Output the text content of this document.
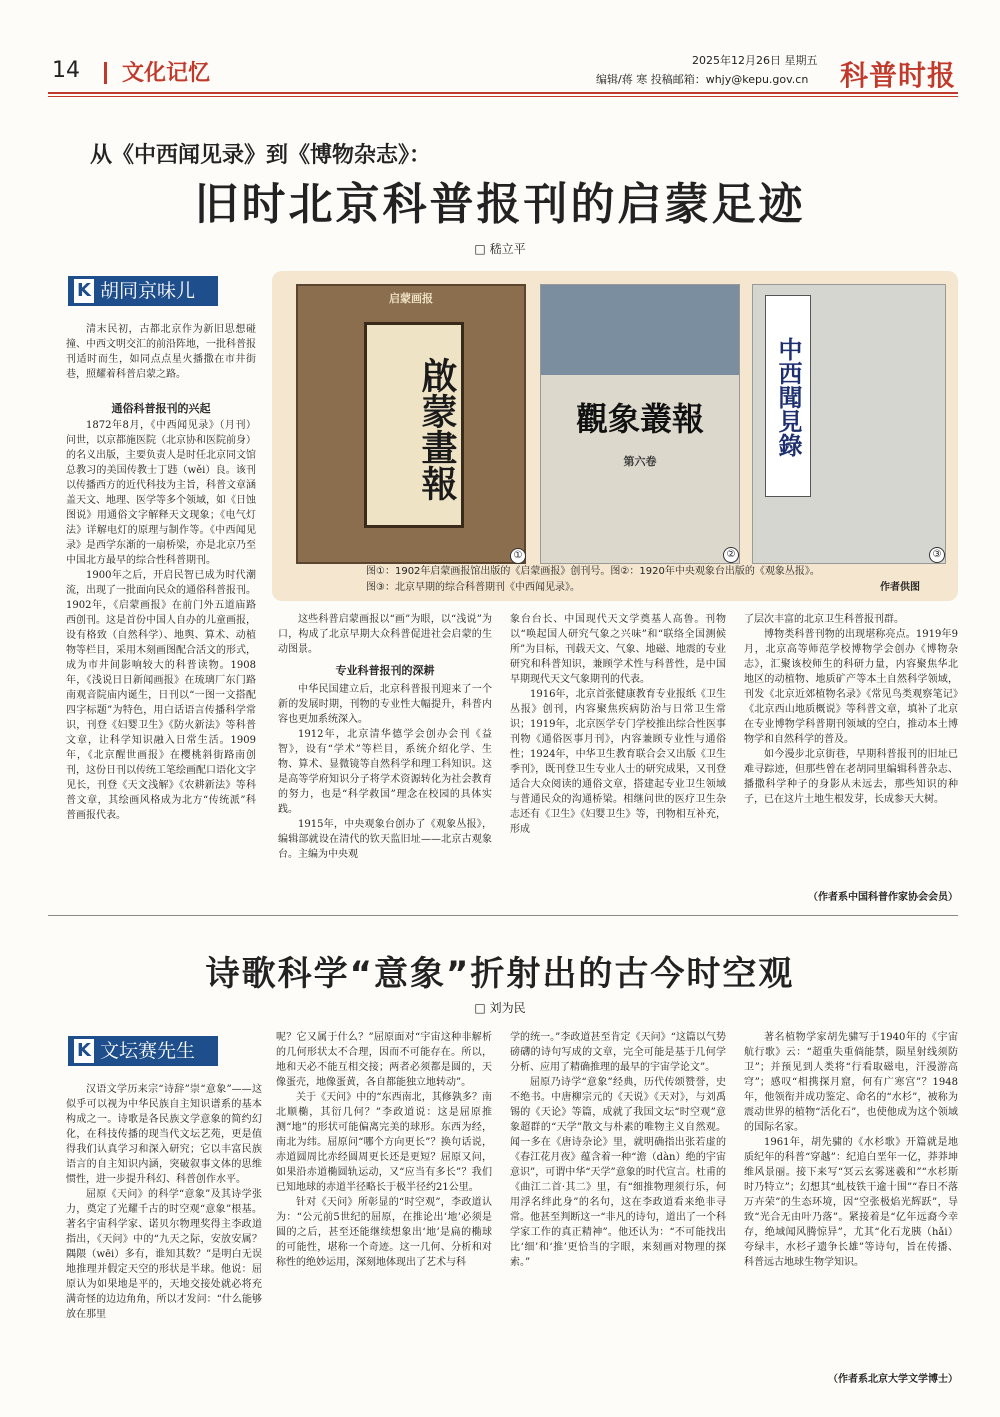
14 文化记忆
2025年12月26日 星期五
编辑/蒋 寒 投稿邮箱：whjy@kepu.gov.cn 科普时报
从《中西闻见录》到《博物杂志》：
旧时北京科普报刊的启蒙足迹
□ 嵇立平
K 胡同京味儿

清末民初，古都北京作为新旧思想碰撞、中西文明交汇的前沿阵地，一批科普报刊适时而生，如同点点星火播撒在市井街巷，照耀着科普启蒙之路。

通俗科普报刊的兴起

1872年8月，《中西闻见录》（月刊）问世，以京都施医院（北京协和医院前身）的名义出版，主要负责人是时任北京同文馆总教习的美国传教士丁韪（wěi）良。该刊以传播西方的近代科技为主旨，科普文章涵盖天文、地理、医学等多个领域，如《日蚀图说》用通俗文字解释天文现象；《电气灯法》详解电灯的原理与制作等。《中西闻见录》是西学东渐的一扇桥梁，亦是北京乃至中国北方最早的综合性科普期刊。

1900年之后，开启民智已成为时代潮流，出现了一批面向民众的通俗科普报刊。1902年，《启蒙画报》在前门外五道庙路西创刊。这是首份中国人自办的儿童画报，设有格致（自然科学）、地舆、算术、动植物等栏目，采用木刻画图配合活文的形式，成为市井间影响较大的科普读物。1908年，《浅说日日新闻画报》在琉璃厂东门路南观音院庙内诞生，日刊以“一图一文搭配四字标题”为特色，用白话语言传播科学常识，刊登《妇婴卫生》《防火新法》等科普文章，让科学知识融入日常生活。1909年，《北京醒世画报》在樱桃斜街路南创刊，这份日刊以传统工笔绘画配口语化文字见长，刊登《天文浅解》《农耕新法》等科普文章，其绘画风格成为北方“传统派”科普画报代表。

启蒙画报
啟蒙畫報
①
觀象叢報
第六卷
②
中西聞見錄
③
图①：1902年启蒙画报馆出版的《启蒙画报》创刊号。图②：1920年中央观象台出版的《观象丛报》。
图③：北京早期的综合科普期刊《中西闻见录》。	作者供图

这些科普启蒙画报以“画”为眼，以“浅说”为口，构成了北京早期大众科普促进社会启蒙的生动图景。

专业科普报刊的深耕

中华民国建立后，北京科普报刊迎来了一个新的发展时期，刊物的专业性大幅提升，科普内容也更加系统深入。

1912年，北京清华德学会创办会刊《益智》，设有“学术”等栏目，系统介绍化学、生物、算术、显微镜等自然科学和理工科知识。这是高等学府知识分子将学术资源转化为社会教育的努力，也是“科学救国”理念在校园的具体实践。

1915年，中央观象台创办了《观象丛报》，编辑部就设在清代的钦天监旧址——北京古观象台。主编为中央观

象台台长、中国现代天文学奠基人高鲁。刊物以“唤起国人研究气象之兴味”和“联络全国测候所”为目标，刊载天文、气象、地磁、地震的专业研究和科普知识，兼顾学术性与科普性，是中国早期现代天文气象期刊的代表。

1916年，北京首张健康教育专业报纸《卫生丛报》创刊，内容聚焦疾病防治与日常卫生常识；1919年，北京医学专门学校推出综合性医事刊物《通俗医事月刊》，内容兼顾专业性与通俗性；1924年，中华卫生教育联合会又出版《卫生季刊》，既刊登卫生专业人士的研究成果，又刊登适合大众阅读的通俗文章，搭建起专业卫生领域与普通民众的沟通桥梁。相继问世的医疗卫生杂志还有《卫生》《妇婴卫生》等，刊物相互补充，形成

了层次丰富的北京卫生科普报刊群。

博物类科普刊物的出现堪称亮点。1919年9月，北京高等师范学校博物学会创办《博物杂志》，汇聚该校师生的科研力量，内容聚焦华北地区的动植物、地质矿产等本土自然科学领域，刊发《北京近郊植物名录》《常见鸟类观察笔记》《北京西山地质概说》等科普文章，填补了北京在专业博物学科普期刊领域的空白，推动本土博物学和自然科学的普及。

如今漫步北京街巷，早期科普报刊的旧址已难寻踪迹，但那些曾在老胡同里编辑科普杂志、播撒科学种子的身影从未远去，那些知识的种子，已在这片土地生根发芽，长成参天大树。

（作者系中国科普作家协会会员）
诗歌科学“意象”折射出的古今时空观
□ 刘为民
K 文坛赛先生

汉语文学历来宗“诗辞”崇“意象”——这似乎可以视为中华民族自主知识谱系的基本构成之一。诗歌是各民族文学意象的简约幻化，在科技传播的现当代文坛艺苑，更是值得我们认真学习和深入研究；它以丰富民族语言的自主知识内涵，突破叙事文体的思维惯性，进一步提升科幻、科普创作水平。

屈原《天问》的科学“意象”及其诗学张力，奠定了光耀千古的时空观“意象”根基。著名宇宙科学家、诺贝尔物理奖得主李政道指出，《天问》中的“九天之际，安放安属？隅隈（wēi）多有，谁知其数？”是明白无误地推理并假定天空的形状是半球。他说：屈原认为如果地是平的，天地交接处就必将充满奇怪的边边角角，所以才发问：“什么能够放在那里

呢？它又属于什么？”屈原面对“宇宙这种非解析的几何形状太不合理，因而不可能存在。所以，地和天必不能互相交接；两者必须都是圆的，天像蛋壳，地像蛋黄，各自都能独立地转动”。

关于《天问》中的“东西南北，其修孰多？南北顺椭，其衍几何？”李政道说：这是屈原推测“地”的形状可能偏离完美的球形。东西为经，南北为纬。屈原问“哪个方向更长”？换句话说，赤道圆周比赤经圆周更长还是更短？屈原又问，如果沿赤道椭圆轨运动，又“应当有多长”？我们已知地球的赤道半径略长于极半径约21公里。

针对《天问》所彰显的“时空观”，李政道认为：“公元前5世纪的屈原，在推论出‘地’必须是圆的之后，甚至还能继续想象出‘地’是扁的椭球的可能性，堪称一个奇迹。这一几何、分析和对称性的绝妙运用，深刻地体现出了艺术与科

学的统一。”李政道甚至肯定《天问》“这篇以气势磅礴的诗句写成的文章，完全可能是基于几何学分析、应用了精确推理的最早的宇宙学论文”。

屈原乃诗学“意象”经典，历代传颂赞誉，史不绝书。中唐柳宗元的《天说》《天对》，与刘禹锡的《天论》等篇，成就了我国文坛“时空观”意象超群的“天学”散文与朴素的唯物主义自然观。闻一多在《唐诗杂论》里，就明确指出张若虚的《春江花月夜》蕴含着一种“澹（dàn）绝的宇宙意识”，可谓中华“天学”意象的时代宣言。杜甫的《曲江二首·其二》里，有“细推物理须行乐，何用浮名绊此身”的名句，这在李政道看来绝非寻常。他甚至判断这一“非凡的诗句，道出了一个科学家工作的真正精神”。他还认为：“不可能找出比‘细’和‘推’更恰当的字眼，来刻画对物理的探索。”

著名植物学家胡先骕写于1940年的《宇宙航行歌》云：“超重失重倘能禁，陨星射线须防卫”；并预见到人类将“行看取磁电，汗漫游高穹”；感叹“相携探月窟，何有广寒宫”？1948年，他领衔并成功鉴定、命名的“水杉”，被称为震动世界的植物“活化石”，也使他成为这个领域的国际名家。

1961年，胡先骕的《水杉歌》开篇就是地质纪年的科普“穿越”：纪追白垩年一亿，莽莽坤维风景丽。接下来写“冥云玄雾迷羲和”“水杉斯时乃特立”；幻想其“虬枝铁干逾十围”“春日不落万卉荣”的生态环境，因“空张极焰光辉跃”，导致“光合无由叶乃落”。紧接着是“亿年远裔今幸存，绝域闻风腾惊异”，尤其“化石龙胰（hǎi）夸绿丰，水杉孑遗争长雄”等诗句，旨在传播、科普远古地球生物学知识。

（作者系北京大学文学博士）
